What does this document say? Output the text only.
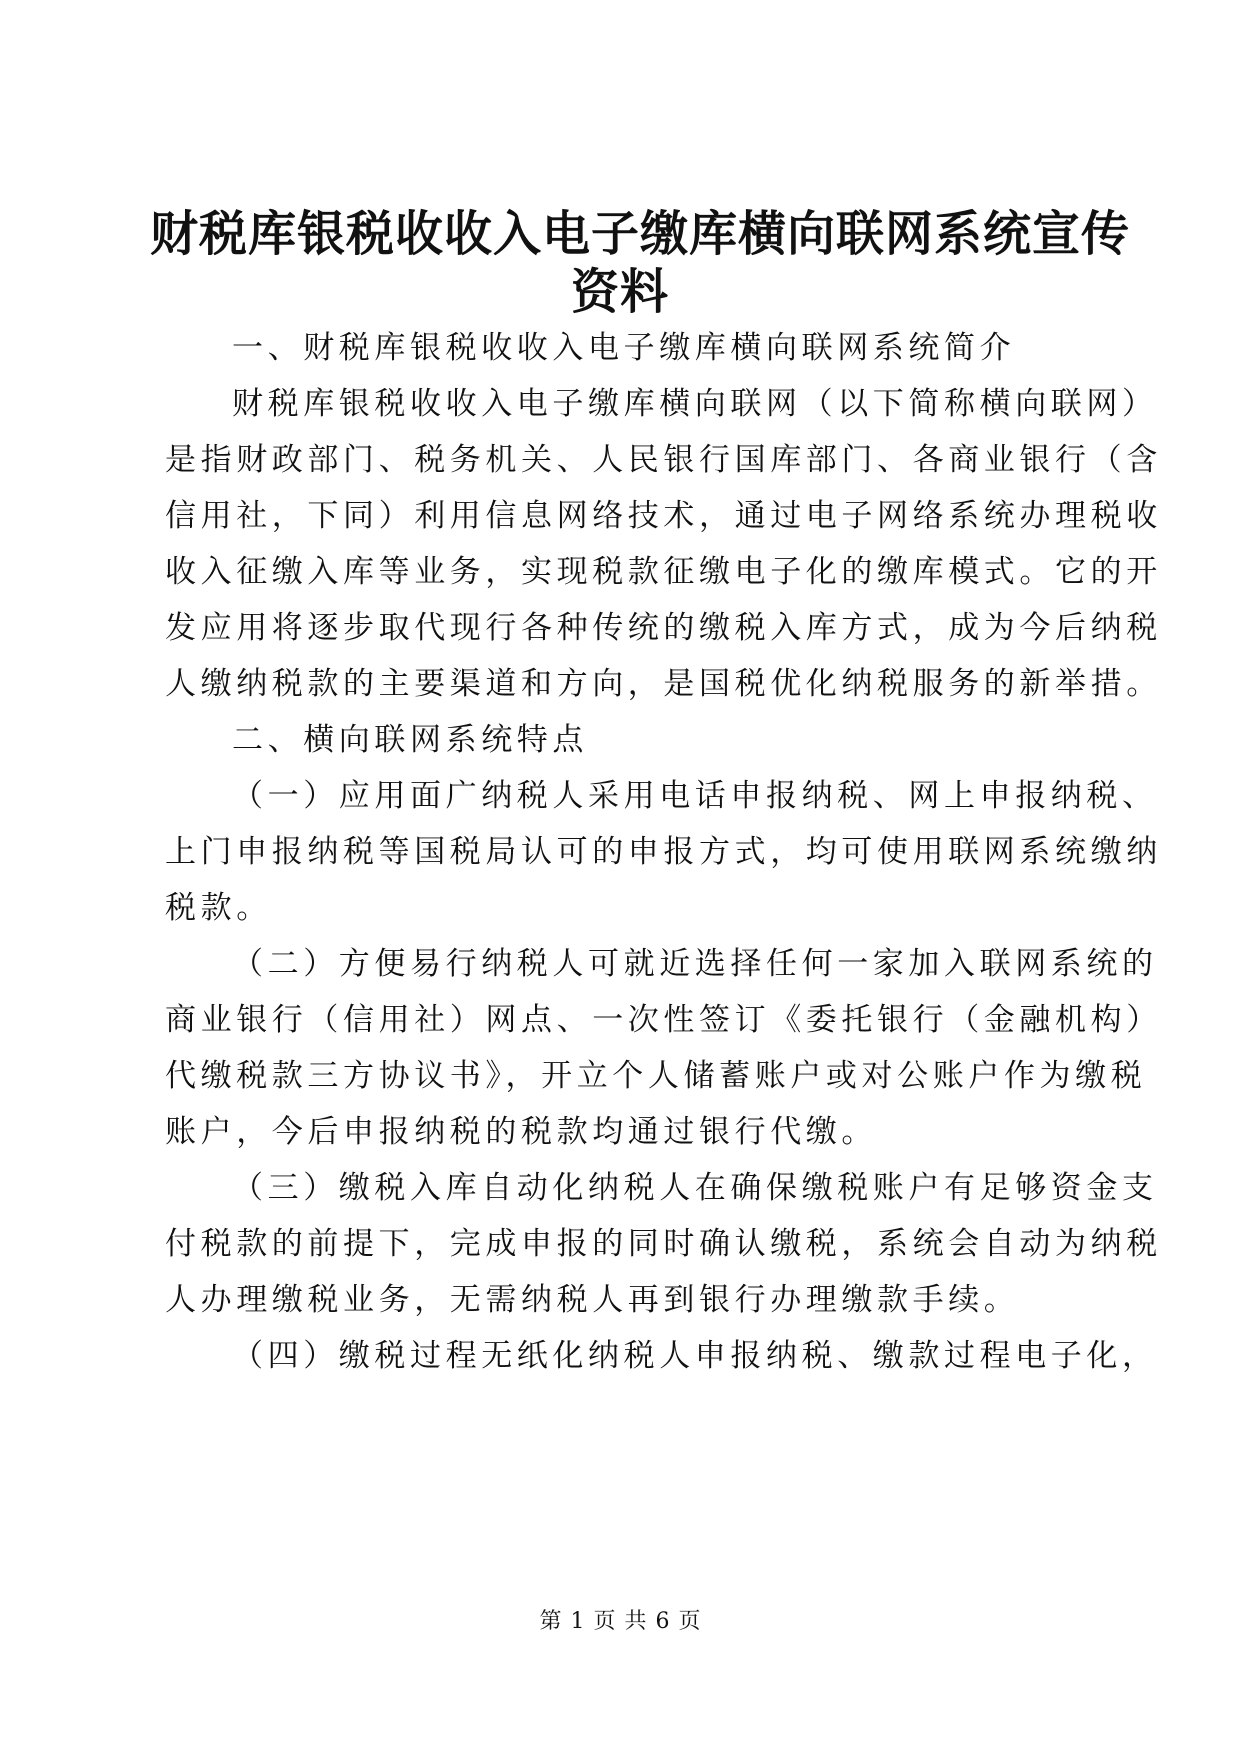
财税库银税收收入电子缴库横向联网系统宣传
资料
一、财税库银税收收入电子缴库横向联网系统简介
财税库银税收收入电子缴库横向联网（以下简称横向联网）
是指财政部门、税务机关、人民银行国库部门、各商业银行（含
信用社，下同）利用信息网络技术，通过电子网络系统办理税收
收入征缴入库等业务，实现税款征缴电子化的缴库模式。它的开
发应用将逐步取代现行各种传统的缴税入库方式，成为今后纳税
人缴纳税款的主要渠道和方向，是国税优化纳税服务的新举措。
二、横向联网系统特点
（一）应用面广纳税人采用电话申报纳税、网上申报纳税、
上门申报纳税等国税局认可的申报方式，均可使用联网系统缴纳
税款。
（二）方便易行纳税人可就近选择任何一家加入联网系统的
商业银行（信用社）网点、一次性签订《委托银行（金融机构）
代缴税款三方协议书》，开立个人储蓄账户或对公账户作为缴税
账户，今后申报纳税的税款均通过银行代缴。
（三）缴税入库自动化纳税人在确保缴税账户有足够资金支
付税款的前提下，完成申报的同时确认缴税，系统会自动为纳税
人办理缴税业务，无需纳税人再到银行办理缴款手续。
（四）缴税过程无纸化纳税人申报纳税、缴款过程电子化，
第 1 页 共 6 页
